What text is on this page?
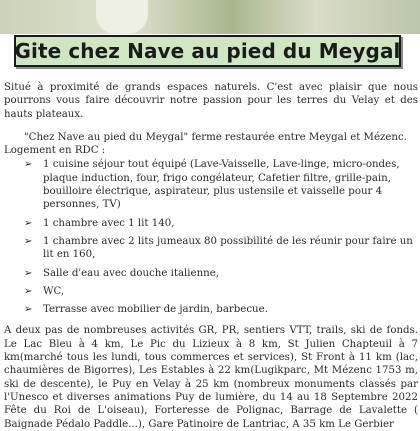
Gite chez Nave au pied du Meygal

Situé à proximité de grands espaces naturels. C'est avec plaisir que nous pourrons vous faire découvrir notre passion pour les terres du Velay et des hauts plateaux.

"Chez Nave au pied du Meygal" ferme restaurée entre Meygal et Mézenc.

Logement en RDC :

➢ 1 cuisine séjour tout équipé (Lave-Vaisselle, Lave-linge, micro-ondes, plaque induction, four, frigo congélateur, Cafetier filtre, grille-pain, bouilloire électrique, aspirateur, plus ustensile et vaisselle pour 4 personnes, TV)
➢ 1 chambre avec 1 lit 140,
➢ 1 chambre avec 2 lits jumeaux 80 possibilité de les réunir pour faire un lit en 160,
➢ Salle d'eau avec douche italienne,
➢ WC,
➢ Terrasse avec mobilier de jardin, barbecue.

A deux pas de nombreuses activités GR, PR, sentiers VTT, trails, ski de fonds. Le Lac Bleu à 4 km, Le Pic du Lizieux à 8 km, St Julien Chapteuil à 7 km(marché tous les lundi, tous commerces et services), St Front à 11 km (lac, chaumières de Bigorres), Les Estables à 22 km(Lugikparc, Mt Mézenc 1753 m, ski de descente), le Puy en Velay à 25 km (nombreux monuments classés par l'Unesco et diverses animations Puy de lumière, du 14 au 18 Septembre 2022 Fête du Roi de L'oiseau), Forteresse de Polignac, Barrage de Lavalette ( Baignade Pédalo Paddle...), Gare Patinoire de Lantriac, A 35 km Le Gerbier
